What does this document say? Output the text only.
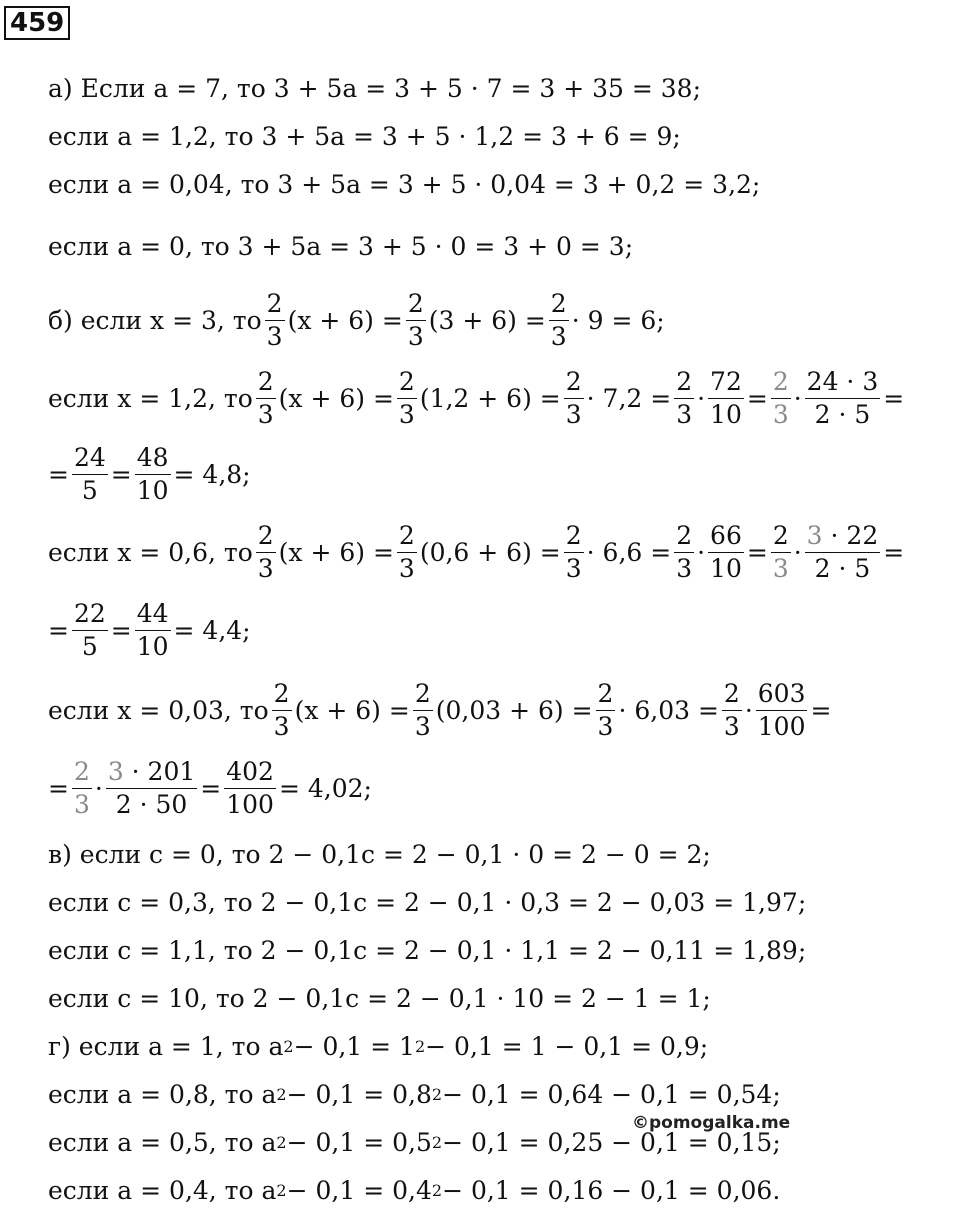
459
а) Если a = 7, то 3 + 5a = 3 + 5 · 7 = 3 + 35 = 38;
если a = 1,2, то 3 + 5a = 3 + 5 · 1,2 = 3 + 6 = 9;
если a = 0,04, то 3 + 5a = 3 + 5 · 0,04 = 3 + 0,2 = 3,2;
если a = 0, то 3 + 5a = 3 + 5 · 0 = 3 + 0 = 3;
б) если x = 3, то $\frac{2}{3} (x + 6) = \frac{2}{3} (3 + 6) = \frac{2}{3} \cdot 9 = 6$;
если x = 1,2, то $\frac{2}{3} (x + 6) = \frac{2}{3} (1,2 + 6) = \frac{2}{3} \cdot 7,2 = \frac{2}{3} \cdot \frac{72}{10} = \frac{2}{3} \cdot \frac{24 \cdot 3}{2 \cdot 5}$ =
= $\frac{24}{5} = \frac{48}{10} = 4,8$;
если x = 0,6, то $\frac{2}{3} (x + 6) = \frac{2}{3} (0,6 + 6) = \frac{2}{3} \cdot 6,6 = \frac{2}{3} \cdot \frac{66}{10} = \frac{2}{3} \cdot \frac{3 \cdot 22}{2 \cdot 5}$ =
= $\frac{22}{5} = \frac{44}{10} = 4,4$;
если x = 0,03, то $\frac{2}{3} (x + 6) = \frac{2}{3} (0,03 + 6) = \frac{2}{3} \cdot 6,03 = \frac{2}{3} \cdot \frac{603}{100}$ =
= $\frac{2}{3} \cdot \frac{3 \cdot 201}{2 \cdot 50} = \frac{402}{100} = 4,02$;
в) если c = 0, то 2 − 0,1c = 2 − 0,1 · 0 = 2 − 0 = 2;
если c = 0,3, то 2 − 0,1c = 2 − 0,1 · 0,3 = 2 − 0,03 = 1,97;
если c = 1,1, то 2 − 0,1c = 2 − 0,1 · 1,1 = 2 − 0,11 = 1,89;
если c = 10, то 2 − 0,1c = 2 − 0,1 · 10 = 2 − 1 = 1;
г) если a = 1, то a 2 − 0,1 = 1 2 − 0,1 = 1 − 0,1 = 0,9;
если a = 0,8, то a 2 − 0,1 = 0,8 2 − 0,1 = 0,64 − 0,1 = 0,54;
если a = 0,5, то a 2 − 0,1 = 0,5 2 − 0,1 = 0,25 − 0,1 = 0,15;
если a = 0,4, то a 2 − 0,1 = 0,4 2 − 0,1 = 0,16 − 0,1 = 0,06.
©pomogalka.me
